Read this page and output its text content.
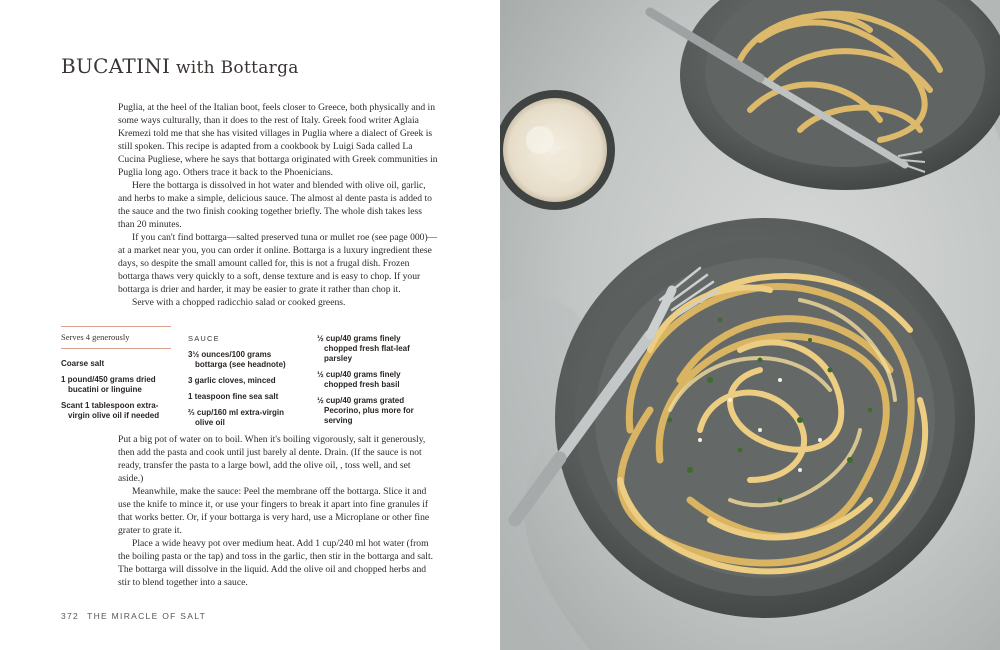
BUCATINI with Bottarga

Puglia, at the heel of the Italian boot, feels closer to Greece, both physically and in some ways culturally, than it does to the rest of Italy. Greek food writer Aglaia Kremezi told me that she has visited villages in Puglia where a dialect of Greek is still spoken. This recipe is adapted from a cookbook by Luigi Sada called La Cucina Pugliese, where he says that bottarga originated with Greek communities in Puglia long ago. Others trace it back to the Phoenicians.

Here the bottarga is dissolved in hot water and blended with olive oil, garlic, and herbs to make a simple, delicious sauce. The almost al dente pasta is added to the sauce and the two finish cooking together briefly. The whole dish takes less than 20 minutes.

If you can't find bottarga—salted preserved tuna or mullet roe (see page 000)—at a market near you, you can order it online. Bottarga is a luxury ingredient these days, so despite the small amount called for, this is not a frugal dish. Frozen bottarga thaws very quickly to a soft, dense texture and is easy to chop. If your bottarga is drier and harder, it may be easier to grate it rather than chop it.

Serve with a chopped radicchio salad or cooked greens.

Serves 4 generously
Coarse salt
1 pound/450 grams dried bucatini or linguine
Scant 1 tablespoon extra-virgin olive oil if needed
SAUCE
3½ ounces/100 grams bottarga (see headnote)
3 garlic cloves, minced
1 teaspoon fine sea salt
⅔ cup/160 ml extra-virgin olive oil
½ cup/40 grams finely chopped fresh flat-leaf parsley
½ cup/40 grams finely chopped fresh basil
½ cup/40 grams grated Pecorino, plus more for serving

Put a big pot of water on to boil. When it's boiling vigorously, salt it generously, then add the pasta and cook until just barely al dente. Drain. (If the sauce is not ready, transfer the pasta to a large bowl, add the olive oil, , toss well, and set aside.)

Meanwhile, make the sauce: Peel the membrane off the bottarga. Slice it and use the knife to mince it, or use your fingers to break it apart into fine granules if that works better. Or, if your bottarga is very hard, use a Microplane or other fine grater to grate it.

Place a wide heavy pot over medium heat. Add 1 cup/240 ml hot water (from the boiling pasta or the tap) and toss in the garlic, then stir in the bottarga and salt. The bottarga will dissolve in the liquid. Add the olive oil and chopped herbs and stir to blend together into a sauce.

372 THE MIRACLE OF SALT
